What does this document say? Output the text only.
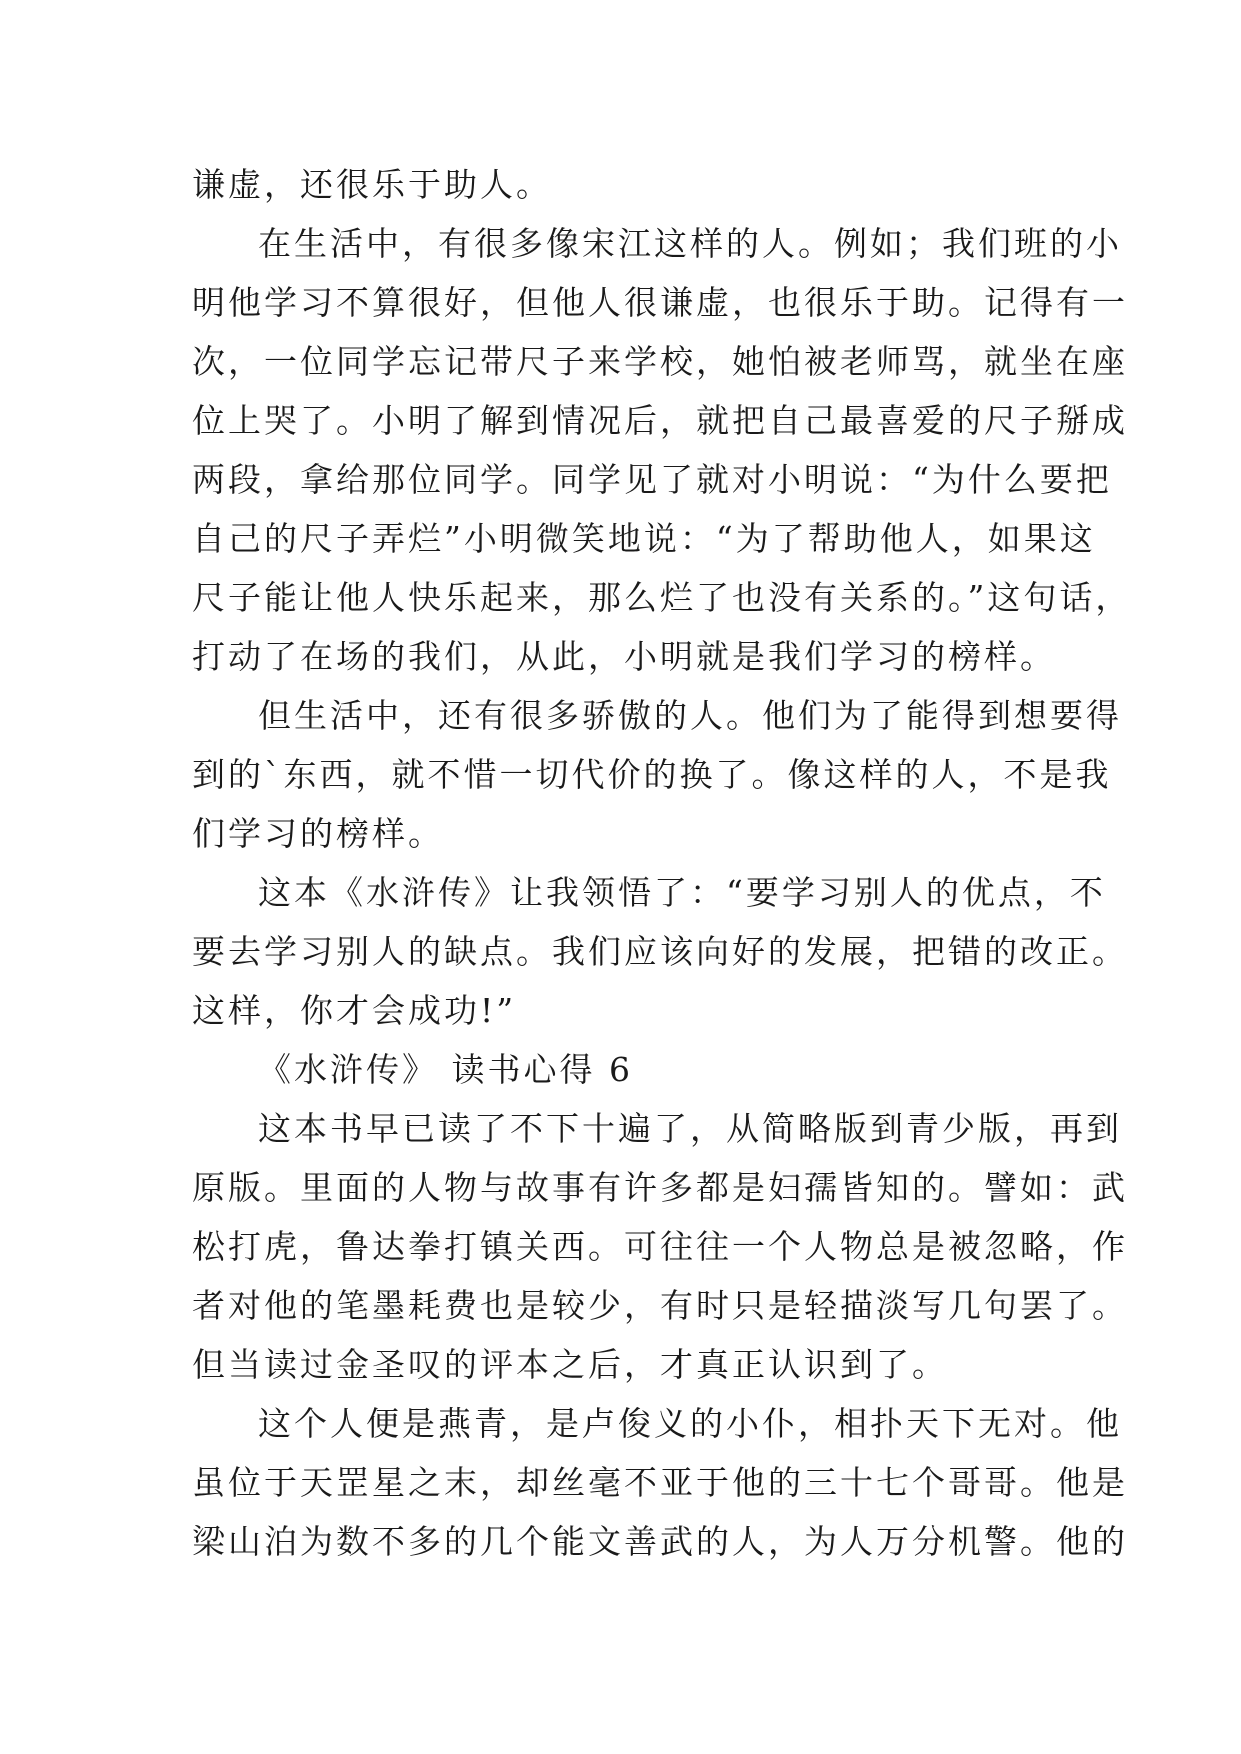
谦虚，还很乐于助人。
在生活中，有很多像宋江这样的人。例如；我们班的小
明他学习不算很好，但他人很谦虚，也很乐于助。记得有一
次，一位同学忘记带尺子来学校，她怕被老师骂，就坐在座
位上哭了。小明了解到情况后，就把自己最喜爱的尺子掰成
两段，拿给那位同学。同学见了就对小明说：“为什么要把
自己的尺子弄烂”小明微笑地说：“为了帮助他人，如果这
尺子能让他人快乐起来，那么烂了也没有关系的。”这句话，
打动了在场的我们，从此，小明就是我们学习的榜样。
但生活中，还有很多骄傲的人。他们为了能得到想要得
到的`东西，就不惜一切代价的换了。像这样的人，不是我
们学习的榜样。
这本《水浒传》让我领悟了：“要学习别人的优点，不
要去学习别人的缺点。我们应该向好的发展，把错的改正。
这样，你才会成功!”
《水浒传》 读书心得 6
这本书早已读了不下十遍了，从简略版到青少版，再到
原版。里面的人物与故事有许多都是妇孺皆知的。譬如：武
松打虎，鲁达拳打镇关西。可往往一个人物总是被忽略，作
者对他的笔墨耗费也是较少，有时只是轻描淡写几句罢了。
但当读过金圣叹的评本之后，才真正认识到了。
这个人便是燕青，是卢俊义的小仆，相扑天下无对。他
虽位于天罡星之末，却丝毫不亚于他的三十七个哥哥。他是
梁山泊为数不多的几个能文善武的人，为人万分机警。他的
